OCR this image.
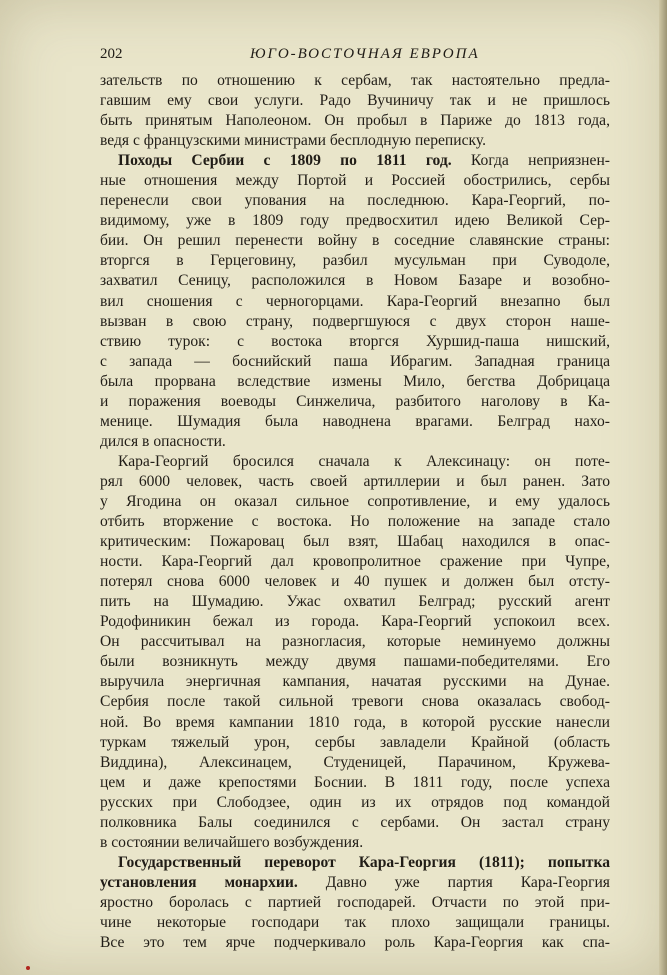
202	ЮГО-ВОСТОЧНАЯ ЕВРОПА

зательств по отношению к сербам, так настоятельно предла-
гавшим ему свои услуги. Радо Вучиничу так и не пришлось
быть принятым Наполеоном. Он пробыл в Париже до 1813 года,
ведя с французскими министрами бесплодную переписку.

Походы Сербии с 1809 по 1811 год. Когда неприязнен-
ные отношения между Портой и Россией обострились, сербы
перенесли свои упования на последнюю. Кара-Георгий, по-
видимому, уже в 1809 году предвосхитил идею Великой Сер-
бии. Он решил перенести войну в соседние славянские страны:
вторгся в Герцеговину, разбил мусульман при Суводоле,
захватил Сеницу, расположился в Новом Базаре и возобно-
вил сношения с черногорцами. Кара-Георгий внезапно был
вызван в свою страну, подвергшуюся с двух сторон наше-
ствию турок: с востока вторгся Хуршид-паша нишский,
с запада — боснийский паша Ибрагим. Западная граница
была прорвана вследствие измены Мило, бегства Добрицаца
и поражения воеводы Синжелича, разбитого наголову в Ка-
менице. Шумадия была наводнена врагами. Белград нахо-
дился в опасности.

Кара-Георгий бросился сначала к Алексинацу: он поте-
рял 6000 человек, часть своей артиллерии и был ранен. Зато
у Ягодина он оказал сильное сопротивление, и ему удалось
отбить вторжение с востока. Но положение на западе стало
критическим: Пожаровац был взят, Шабац находился в опас-
ности. Кара-Георгий дал кровопролитное сражение при Чупре,
потерял снова 6000 человек и 40 пушек и должен был отсту-
пить на Шумадию. Ужас охватил Белград; русский агент
Родофиникин бежал из города. Кара-Георгий успокоил всех.
Он рассчитывал на разногласия, которые неминуемо должны
были возникнуть между двумя пашами-победителями. Его
выручила энергичная кампания, начатая русскими на Дунае.
Сербия после такой сильной тревоги снова оказалась свобод-
ной. Во время кампании 1810 года, в которой русские нанесли
туркам тяжелый урон, сербы завладели Крайной (область
Виддина), Алексинацем, Студеницей, Парачином, Кружева-
цем и даже крепостями Боснии. В 1811 году, после успеха
русских при Слободзее, один из их отрядов под командой
полковника Балы соединился с сербами. Он застал страну
в состоянии величайшего возбуждения.

Государственный переворот Кара-Георгия (1811); попытка
установления монархии. Давно уже партия Кара-Георгия
яростно боролась с партией господарей. Отчасти по этой при-
чине некоторые господари так плохо защищали границы.
Все это тем ярче подчеркивало роль Кара-Георгия как спа-
